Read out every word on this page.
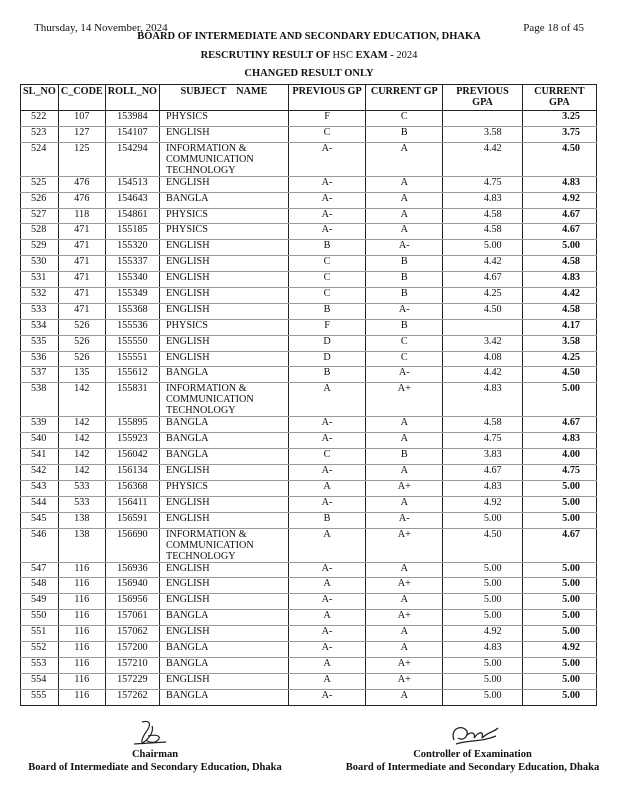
Thursday, 14 November, 2024	Page 18 of 45
BOARD OF INTERMEDIATE AND SECONDARY EDUCATION, DHAKA
RESCRUTINY RESULT OF HSC EXAM - 2024
CHANGED RESULT ONLY
SL_NO	C_CODE	ROLL_NO	SUBJECT    NAME	PREVIOUS GP	CURRENT GP	PREVIOUS GPA	CURRENT GPA
522	107	153984	PHYSICS	F	C		3.25
523	127	154107	ENGLISH	C	B	3.58	3.75
524	125	154294	INFORMATION &
COMMUNICATION
TECHNOLOGY	A-	A	4.42	4.50
525	476	154513	ENGLISH	A-	A	4.75	4.83
526	476	154643	BANGLA	A-	A	4.83	4.92
527	118	154861	PHYSICS	A-	A	4.58	4.67
528	471	155185	PHYSICS	A-	A	4.58	4.67
529	471	155320	ENGLISH	B	A-	5.00	5.00
530	471	155337	ENGLISH	C	B	4.42	4.58
531	471	155340	ENGLISH	C	B	4.67	4.83
532	471	155349	ENGLISH	C	B	4.25	4.42
533	471	155368	ENGLISH	B	A-	4.50	4.58
534	526	155536	PHYSICS	F	B		4.17
535	526	155550	ENGLISH	D	C	3.42	3.58
536	526	155551	ENGLISH	D	C	4.08	4.25
537	135	155612	BANGLA	B	A-	4.42	4.50
538	142	155831	INFORMATION &
COMMUNICATION
TECHNOLOGY	A	A+	4.83	5.00
539	142	155895	BANGLA	A-	A	4.58	4.67
540	142	155923	BANGLA	A-	A	4.75	4.83
541	142	156042	BANGLA	C	B	3.83	4.00
542	142	156134	ENGLISH	A-	A	4.67	4.75
543	533	156368	PHYSICS	A	A+	4.83	5.00
544	533	156411	ENGLISH	A-	A	4.92	5.00
545	138	156591	ENGLISH	B	A-	5.00	5.00
546	138	156690	INFORMATION &
COMMUNICATION
TECHNOLOGY	A	A+	4.50	4.67
547	116	156936	ENGLISH	A-	A	5.00	5.00
548	116	156940	ENGLISH	A	A+	5.00	5.00
549	116	156956	ENGLISH	A-	A	5.00	5.00
550	116	157061	BANGLA	A	A+	5.00	5.00
551	116	157062	ENGLISH	A-	A	4.92	5.00
552	116	157200	BANGLA	A-	A	4.83	4.92
553	116	157210	BANGLA	A	A+	5.00	5.00
554	116	157229	ENGLISH	A	A+	5.00	5.00
555	116	157262	BANGLA	A-	A	5.00	5.00
Chairman
Board of Intermediate and Secondary Education, Dhaka
Controller of Examination
Board of Intermediate and Secondary Education, Dhaka
